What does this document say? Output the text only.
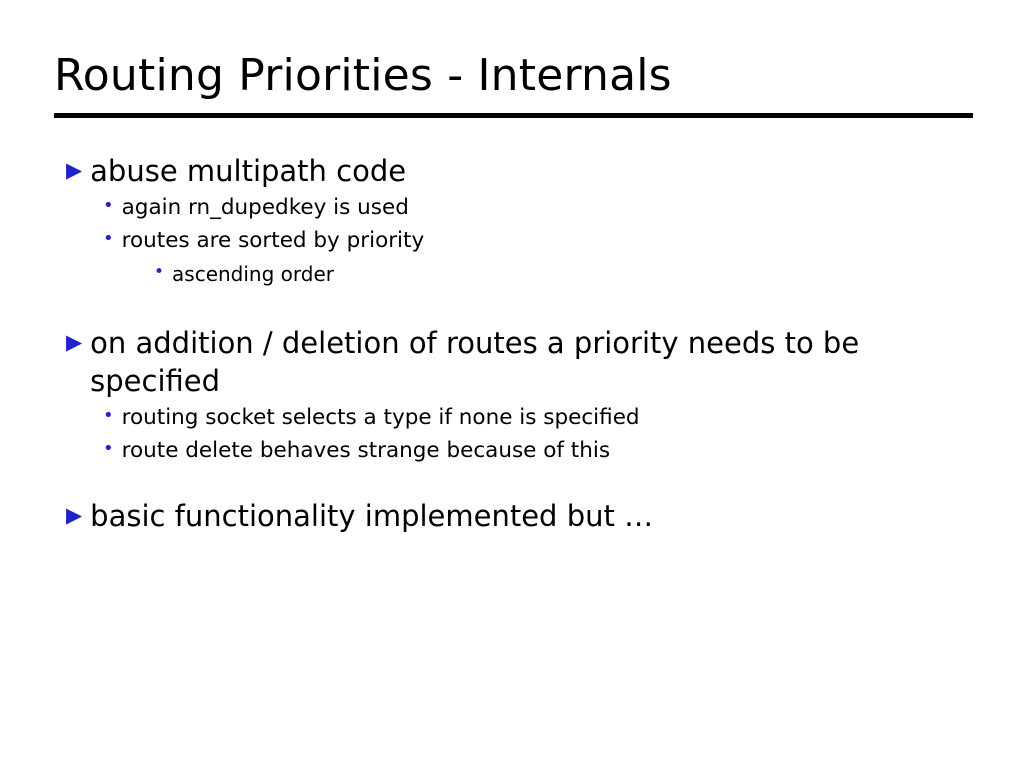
Routing Priorities - Internals
▶ abuse multipath code
• again rn_dupedkey is used
• routes are sorted by priority
• ascending order
▶ on addition / deletion of routes a priority needs to be specified
• routing socket selects a type if none is specified
• route delete behaves strange because of this
▶ basic functionality implemented but …
